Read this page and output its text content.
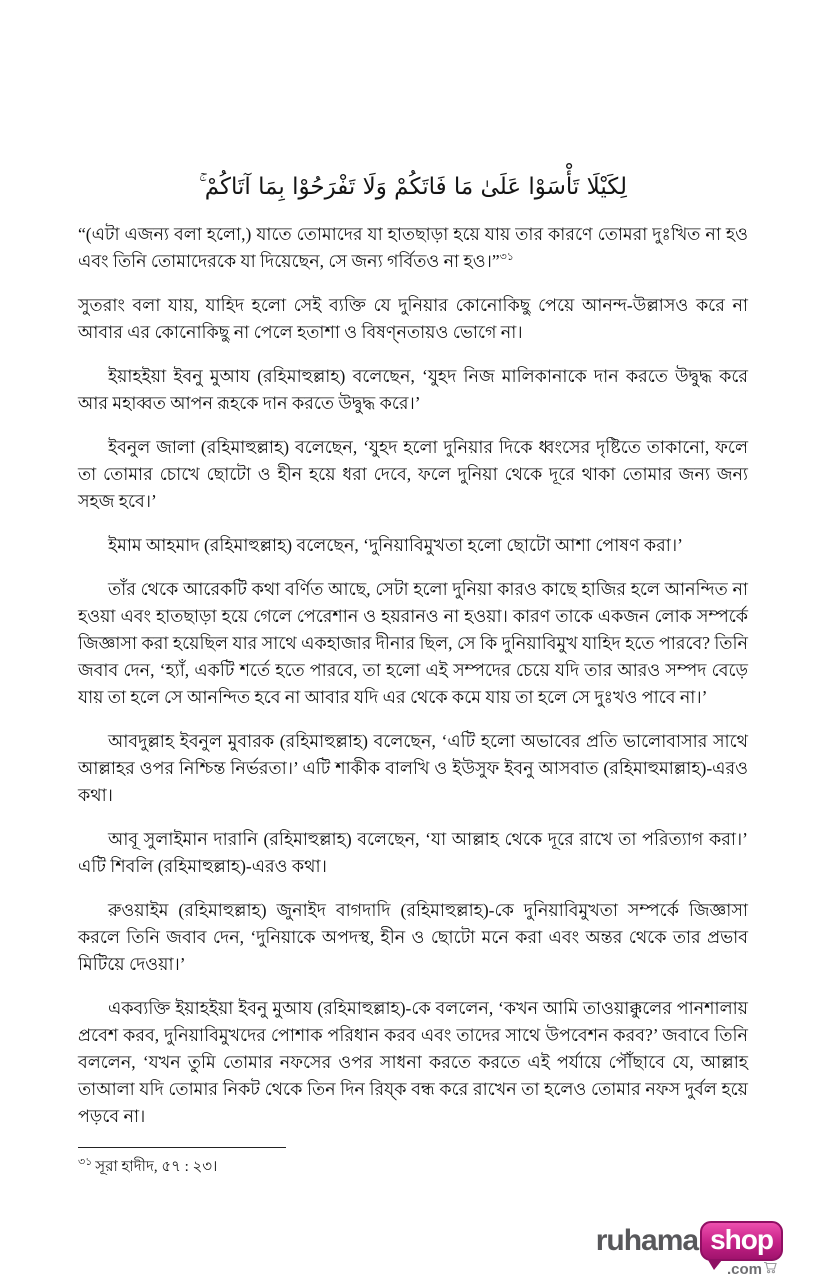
لِكَيْلَا تَأْسَوْا عَلَىٰ مَا فَاتَكُمْ وَلَا تَفْرَحُوْا بِمَا آتَاكُمْ ۚ

“(এটা এজন্য বলা হলো,) যাতে তোমাদের যা হাতছাড়া হয়ে যায় তার কারণে তোমরা দুঃখিত না হও এবং তিনি তোমাদেরকে যা দিয়েছেন, সে জন্য গর্বিতও না হও।”$^{৩১}$

সুতরাং বলা যায়, যাহিদ হলো সেই ব্যক্তি যে দুনিয়ার কোনোকিছু পেয়ে আনন্দ-উল্লাসও করে না আবার এর কোনোকিছু না পেলে হতাশা ও বিষণ্নতায়ও ভোগে না।

ইয়াহইয়া ইবনু মুআয (রহিমাহুল্লাহ) বলেছেন, ‘যুহদ নিজ মালিকানাকে দান করতে উদ্বুদ্ধ করে আর মহাব্বত আপন রূহকে দান করতে উদ্বুদ্ধ করে।’

ইবনুল জালা (রহিমাহুল্লাহ) বলেছেন, ‘যুহদ হলো দুনিয়ার দিকে ধ্বংসের দৃষ্টিতে তাকানো, ফলে তা তোমার চোখে ছোটো ও হীন হয়ে ধরা দেবে, ফলে দুনিয়া থেকে দূরে থাকা তোমার জন্য জন্য সহজ হবে।’

ইমাম আহমাদ (রহিমাহুল্লাহ) বলেছেন, ‘দুনিয়াবিমুখতা হলো ছোটো আশা পোষণ করা।’

তাঁর থেকে আরেকটি কথা বর্ণিত আছে, সেটা হলো দুনিয়া কারও কাছে হাজির হলে আনন্দিত না হওয়া এবং হাতছাড়া হয়ে গেলে পেরেশান ও হয়রানও না হওয়া। কারণ তাকে একজন লোক সম্পর্কে জিজ্ঞাসা করা হয়েছিল যার সাথে একহাজার দীনার ছিল, সে কি দুনিয়াবিমুখ যাহিদ হতে পারবে? তিনি জবাব দেন, ‘হ্যাঁ, একটি শর্তে হতে পারবে, তা হলো এই সম্পদের চেয়ে যদি তার আরও সম্পদ বেড়ে যায় তা হলে সে আনন্দিত হবে না আবার যদি এর থেকে কমে যায় তা হলে সে দুঃখও পাবে না।’

আবদুল্লাহ ইবনুল মুবারক (রহিমাহুল্লাহ) বলেছেন, ‘এটি হলো অভাবের প্রতি ভালোবাসার সাথে আল্লাহর ওপর নিশ্চিন্ত নির্ভরতা।’ এটি শাকীক বালখি ও ইউসুফ ইবনু আসবাত (রহিমাহুমাল্লাহ)-এরও কথা।

আবূ সুলাইমান দারানি (রহিমাহুল্লাহ) বলেছেন, ‘যা আল্লাহ থেকে দূরে রাখে তা পরিত্যাগ করা।’ এটি শিবলি (রহিমাহুল্লাহ)-এরও কথা।

রুওয়াইম (রহিমাহুল্লাহ) জুনাইদ বাগদাদি (রহিমাহুল্লাহ)-কে দুনিয়াবিমুখতা সম্পর্কে জিজ্ঞাসা করলে তিনি জবাব দেন, ‘দুনিয়াকে অপদস্থ, হীন ও ছোটো মনে করা এবং অন্তর থেকে তার প্রভাব মিটিয়ে দেওয়া।’

একব্যক্তি ইয়াহইয়া ইবনু মুআয (রহিমাহুল্লাহ)-কে বললেন, ‘কখন আমি তাওয়াক্কুলের পানশালায় প্রবেশ করব, দুনিয়াবিমুখদের পোশাক পরিধান করব এবং তাদের সাথে উপবেশন করব?’ জবাবে তিনি বললেন, ‘যখন তুমি তোমার নফসের ওপর সাধনা করতে করতে এই পর্যায়ে পৌঁছাবে যে, আল্লাহ তাআলা যদি তোমার নিকট থেকে তিন দিন রিয্‌ক বন্ধ করে রাখেন তা হলেও তোমার নফস দুর্বল হয়ে পড়বে না।

$^{৩১}$ সূরা হাদীদ, ৫৭ : ২৩।
ruhama shop
.com
